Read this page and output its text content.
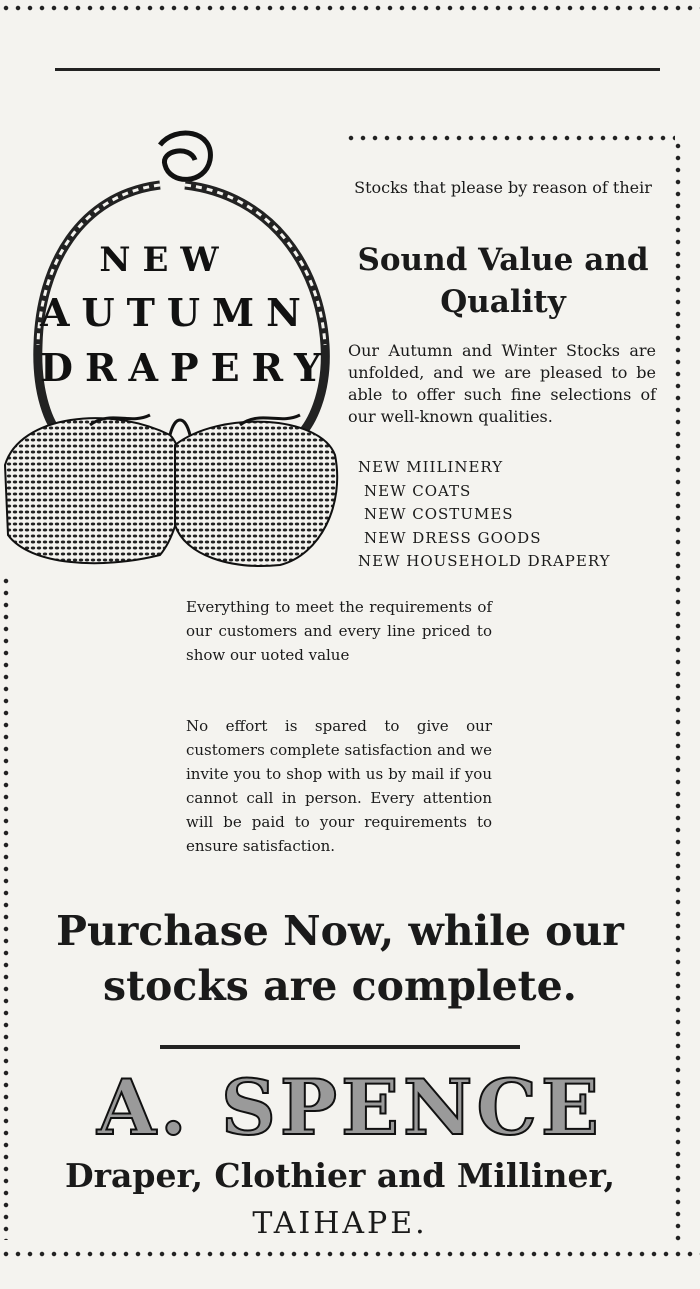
NEW
AUTUMN
DRAPERY
Stocks that please by reason of their
Sound Value and
Quality
Our Autumn and Winter Stocks are unfolded, and we are pleased to be able to offer such fine selections of our well-known qualities.
NEW MIILINERY
NEW COATS
NEW COSTUMES
NEW DRESS GOODS
NEW HOUSEHOLD DRAPERY
Everything to meet the requirements of our customers and every line priced to show our uoted value
No effort is spared to give our customers complete satisfaction and we invite you to shop with us by mail if you cannot call in person. Every attention will be paid to your requirements to ensure satisfaction.
Purchase Now, while our
stocks are complete.
A. SPENCE
Draper, Clothier and Milliner,
TAIHAPE.
